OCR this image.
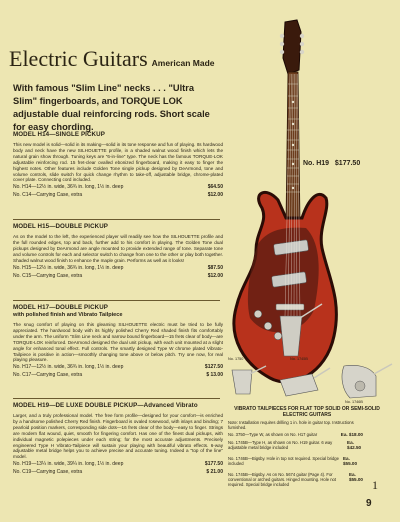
Electric Guitars American Made
With famous "Slim Line" necks . . . "Ultra Slim" fingerboards, and TORQUE LOK adjustable dual reinforcing rods. Short scale for easy chording.
MODEL H14—SINGLE PICKUP
This new model is solid—solid in its making—solid in its tone response and fun of playing. Its hardwood body and neck have the new SILHOUETTE profile, in a shaded walnut wood finish which lets the natural grain show through. Tuning keys are "6-in-line" type. The neck has the famous TORQUE-LOK adjustable reinforcing rod. 15 fret-clear ovalled ebonized fingerboard, making it easy to finger the highest notes. Other features include Golden Tone single pickup designed by DeArmond, tone and volume controls, slide switch for quick change rhythm to take-off, adjustable bridge, chrome-plated cover plate. Connecting cord included.
No. H14—12½ in. wide, 36¾ in. long, 1½ in. deep	$64.50
No. C14—Carrying Case, extra	$12.00
MODEL H15—DOUBLE PICKUP
As on the model to the left, the experienced player will readily see how the SILHOUETTE profile and the full rounded edges, top and back, further add to his comfort in playing. The Golden Tone dual pickups designed by DeArmond are angle mounted to provide extended range of tone. Separate tone and volume controls for each and selector switch to change from one to the other or play both together. Shaded walnut wood finish to enhance the maple grain. Performs as well as it looks!
No. H15—12½ in. wide, 36¾ in. long, 1½ in. deep	$87.50
No. C15—Carrying Case, extra	$12.00
MODEL H17—DOUBLE PICKUP
with polished finish and Vibrato Tailpiece
The snug comfort of playing on this gleaming SILHOUETTE electric must be tried to be fully appreciated. The hardwood body with its highly polished Cherry Red shaded finish fits comfortably under the arm. The uniform "Slim Line neck and narrow bound fingerboard—15 frets clear of body—are TORQUE-LOK reinforced. DeArmond designed the dual unit pickup, with each unit mounted at a slight angle for enhanced tonal effect. Full controls. The smartly designed Type W chrome plated Vibrato-Tailpiece is positive in action—smoothly changing tone above or below pitch. Try one now, for real playing pleasure.
No. H17—12½ in. wide, 36¾ in. long, 1½ in. deep	$127.50
No. C17—Carrying Case, extra	$ 13.00
MODEL H19—DE LUXE DOUBLE PICKUP—Advanced Vibrato
Larger, and a truly professional model. The free form profile—designed for your comfort—is enriched by a handsome polished Cherry Red finish. Fingerboard is ovaled rosewood, with inlays and binding; 7 pearloid position markers, corresponding side dots—16 frets clear of the body—easy to finger. Strings are modern flat wound, quiet, smooth for fingering comfort. Has one of the finest dual pickups, with individual magnetic polepieces under each string; for the most accurate adjustments. Precisely engineered Type H Vibrato-Tailpiece will sustain your playing with beautiful vibrato effects. 6-way adjustable metal bridge helps you to achieve precise and accurate tuning. Indeed a "top of the line" model.
No. H19—13¼ in. wide, 39¼ in. long, 1½ in. deep	$177.50
No. C19—Carrying Case, extra	$ 21.00
No. H19 $177.50
No. 1750	No. 1745B
No. 1746B
VIBRATO TAILPIECES FOR FLAT TOP SOLID OR SEMI-SOLID ELECTRIC GUITARS
Note: Installation requires drilling 1 in. hole in guitar top. Instructions furnished.
No. 3750—Type W, as shown on No. H17 guitar	Ea. $18.00
No. 1745B—Type H, as shown on No. H19 guitar. 6 way adjustable metal bridge included
Ea. $42.50
No. 1746B—Bigsby. Hole in top not required. Special bridge included
Ea. $55.00
No. 1745B—Bigsby. As on No. 5674 guitar (Page 4). For conventional or arched guitars. Hinged mounting. Hole not required. Special bridge included
Ea. $55.00 1
9
